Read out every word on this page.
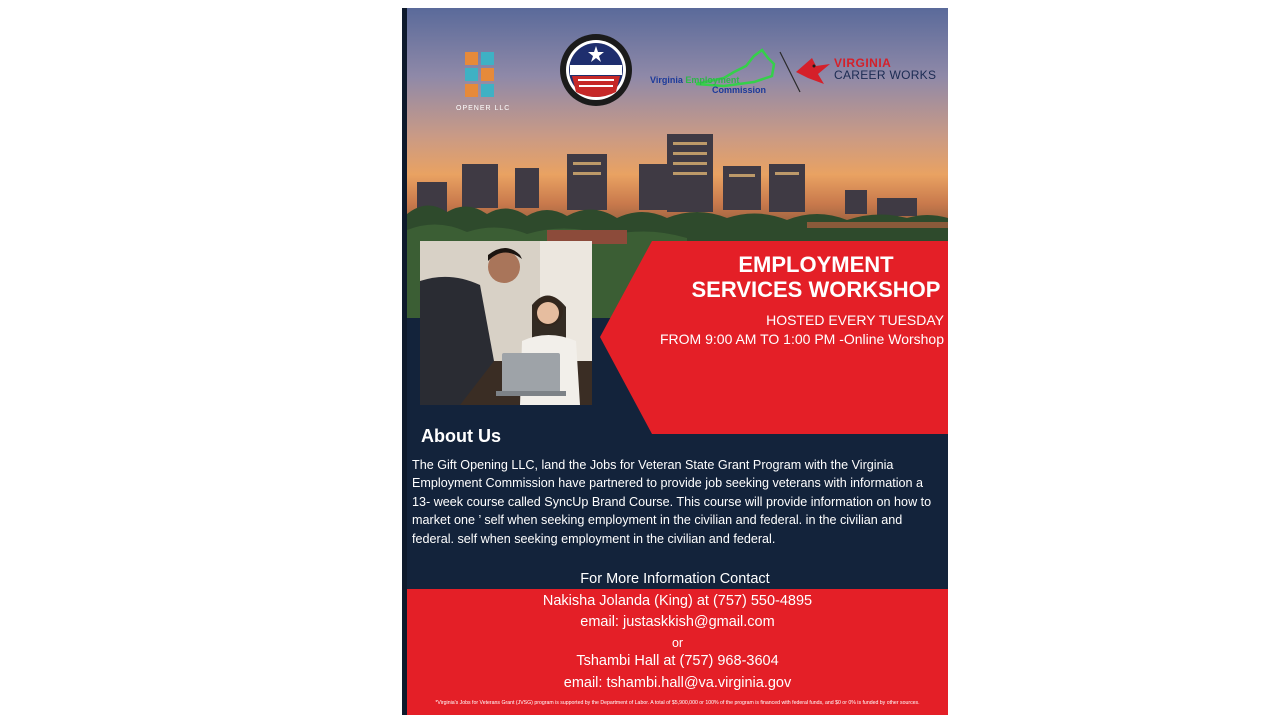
OPENER LLC
Virginia Employment
Commission
VIRGINIA
CAREER WORKS
EMPLOYMENT
SERVICES WORKSHOP
HOSTED EVERY TUESDAY
FROM 9:00 AM TO 1:00 PM -Online Worshop
About Us
The Gift Opening LLC, land the Jobs for Veteran State Grant Program with the Virginia Employment Commission have partnered to provide job seeking veterans with information a 13- week course called SyncUp Brand Course. This course will provide information on how to market one ’ self when seeking employment in the civilian and federal. in the civilian and federal. self when seeking employment in the civilian and federal.
For More Information Contact
Nakisha Jolanda (King) at (757) 550-4895
email: justaskkish@gmail.com
or
Tshambi Hall at (757) 968-3604
email: tshambi.hall@va.virginia.gov
*Virginia's Jobs for Veterans Grant (JVSG) program is supported by the Department of Labor. A total of $5,900,000 or 100% of the program is financed with federal funds, and $0 or 0% is funded by other sources.
